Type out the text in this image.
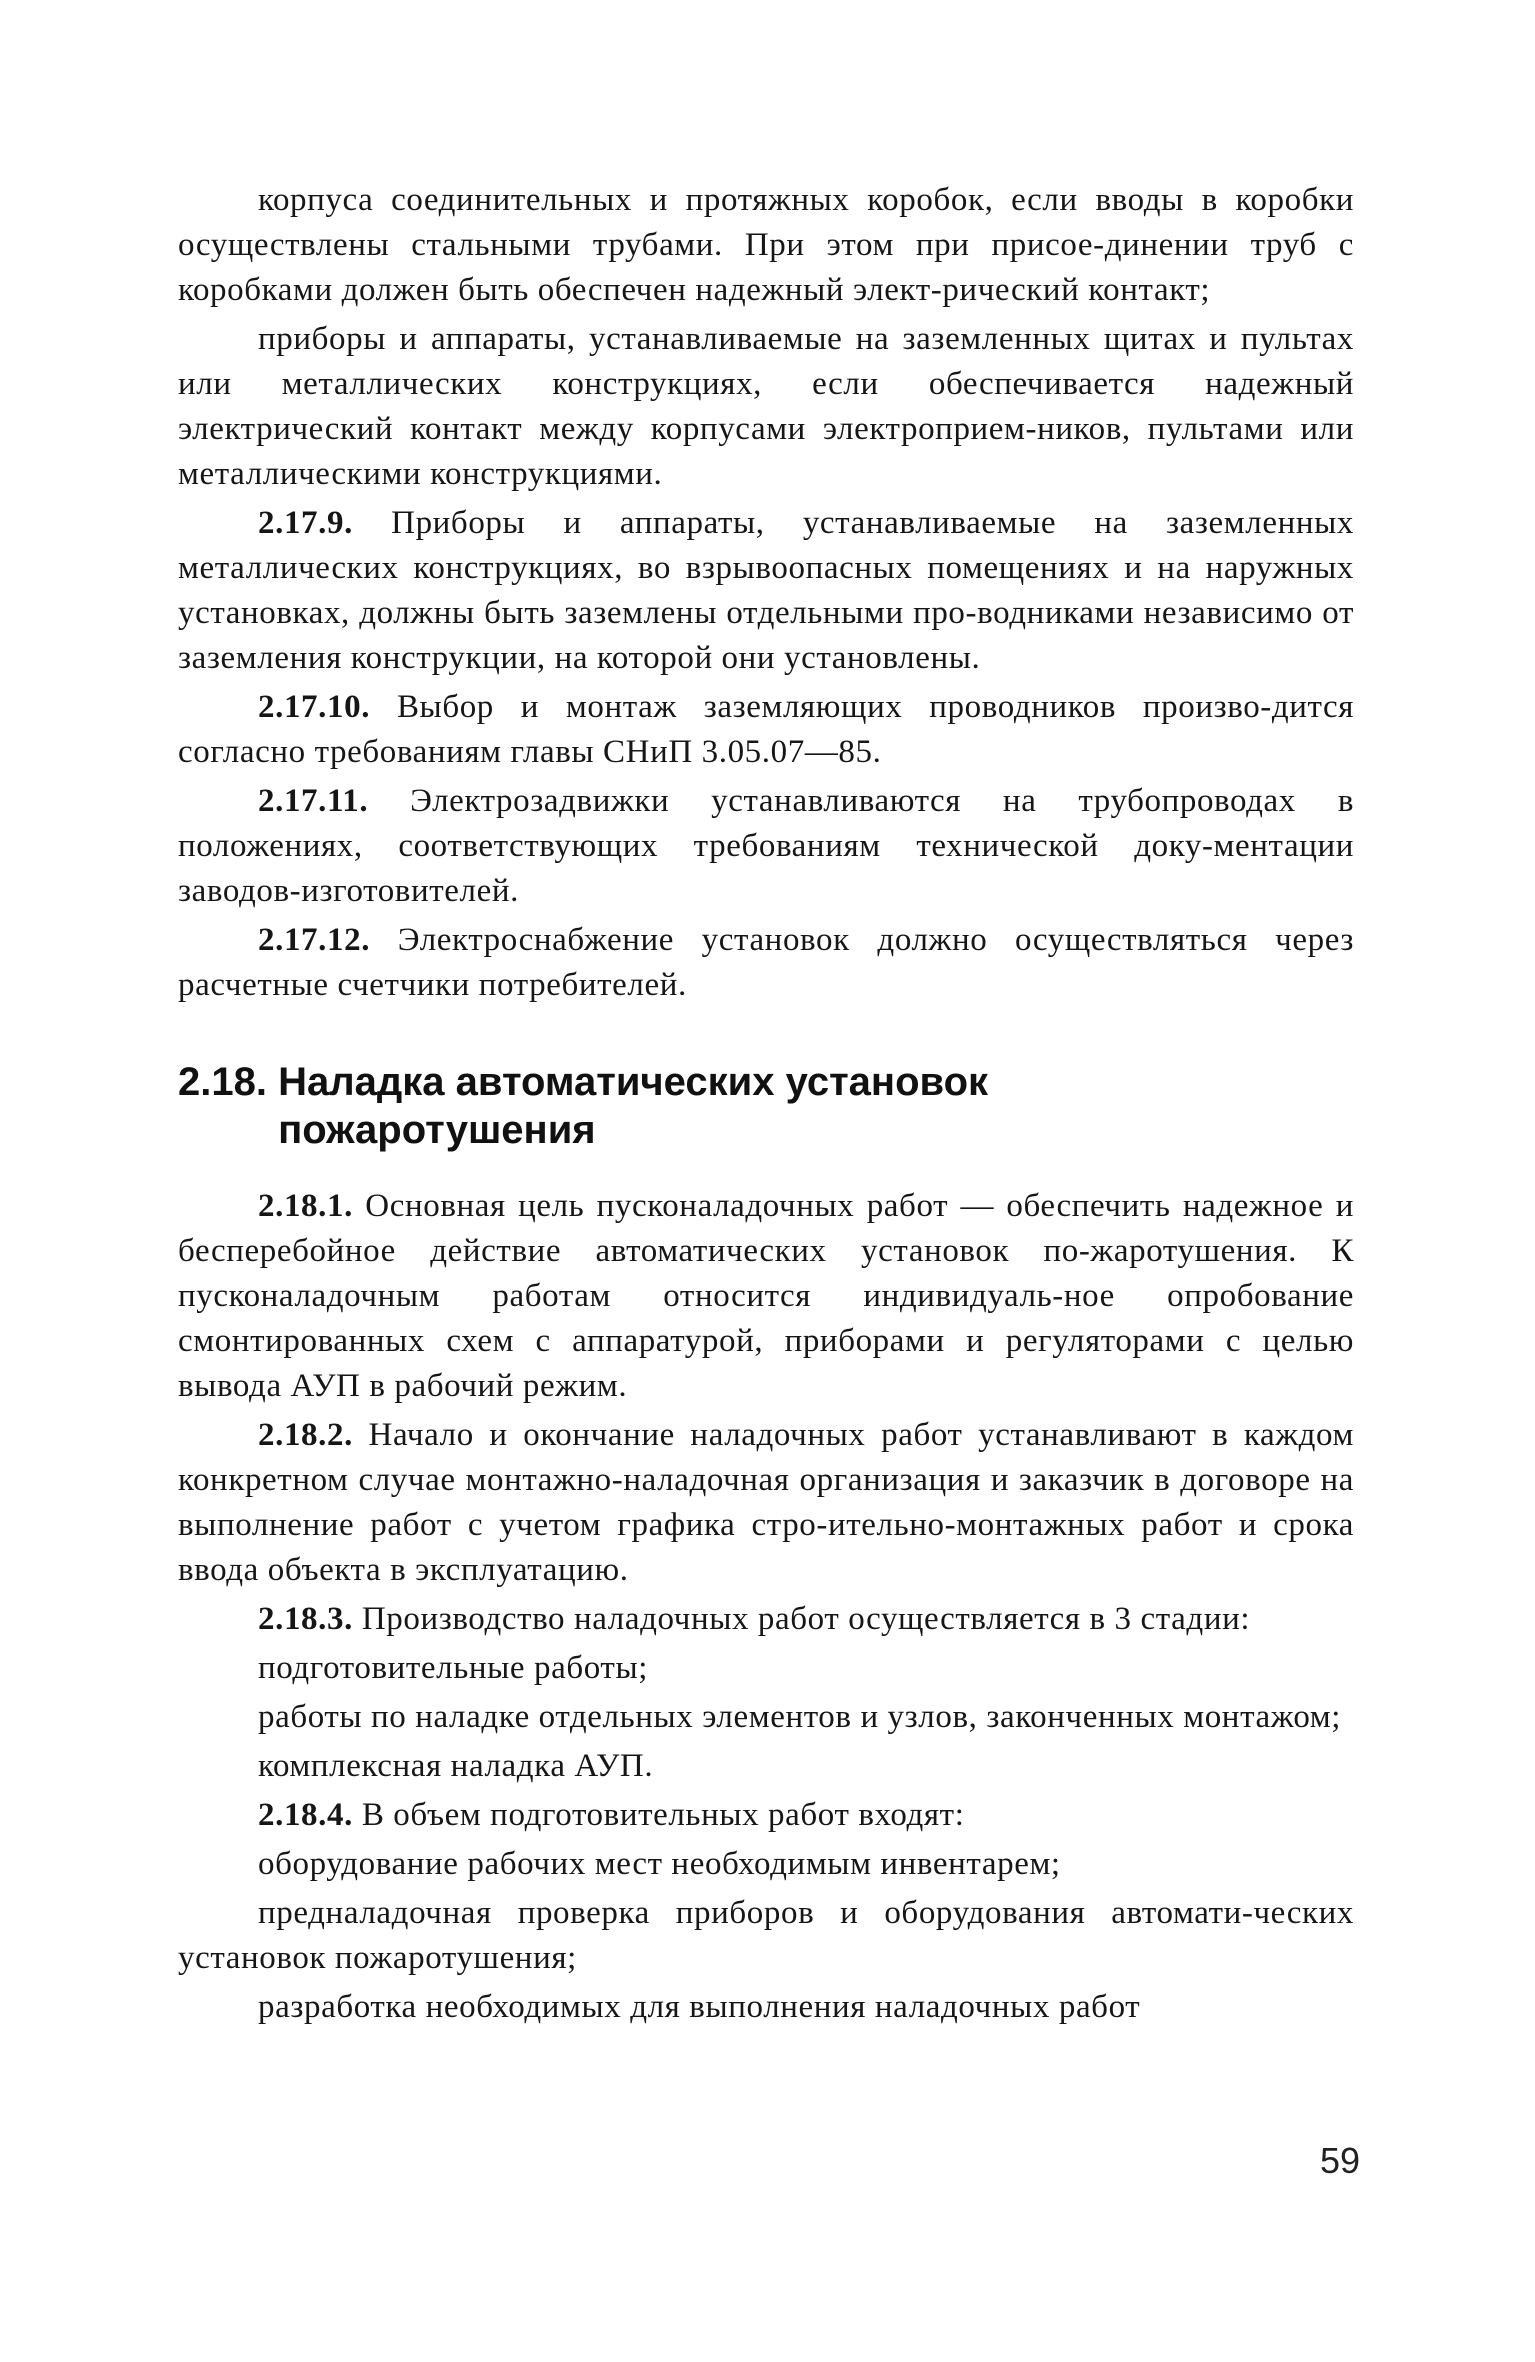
корпуса соединительных и протяжных коробок, если вводы в коробки осуществлены стальными трубами. При этом при присое-динении труб с коробками должен быть обеспечен надежный элект-рический контакт;

приборы и аппараты, устанавливаемые на заземленных щитах и пультах или металлических конструкциях, если обеспечивается надежный электрический контакт между корпусами электроприем-ников, пультами или металлическими конструкциями.

2.17.9. Приборы и аппараты, устанавливаемые на заземленных металлических конструкциях, во взрывоопасных помещениях и на наружных установках, должны быть заземлены отдельными про-водниками независимо от заземления конструкции, на которой они установлены.

2.17.10. Выбор и монтаж заземляющих проводников произво-дится согласно требованиям главы СНиП 3.05.07—85.

2.17.11. Электрозадвижки устанавливаются на трубопроводах в положениях, соответствующих требованиям технической доку-ментации заводов-изготовителей.

2.17.12. Электроснабжение установок должно осуществляться через расчетные счетчики потребителей.

2.18. Наладка автоматических установок пожаротушения

2.18.1. Основная цель пусконаладочных работ — обеспечить надежное и бесперебойное действие автоматических установок по-жаротушения. К пусконаладочным работам относится индивидуаль-ное опробование смонтированных схем с аппаратурой, приборами и регуляторами с целью вывода АУП в рабочий режим.

2.18.2. Начало и окончание наладочных работ устанавливают в каждом конкретном случае монтажно-наладочная организация и заказчик в договоре на выполнение работ с учетом графика стро-ительно-монтажных работ и срока ввода объекта в эксплуатацию.

2.18.3. Производство наладочных работ осуществляется в 3 стадии:

подготовительные работы;

работы по наладке отдельных элементов и узлов, законченных монтажом;

комплексная наладка АУП.

2.18.4. В объем подготовительных работ входят:

оборудование рабочих мест необходимым инвентарем;

предналадочная проверка приборов и оборудования автомати-ческих установок пожаротушения;

разработка необходимых для выполнения наладочных работ

59
